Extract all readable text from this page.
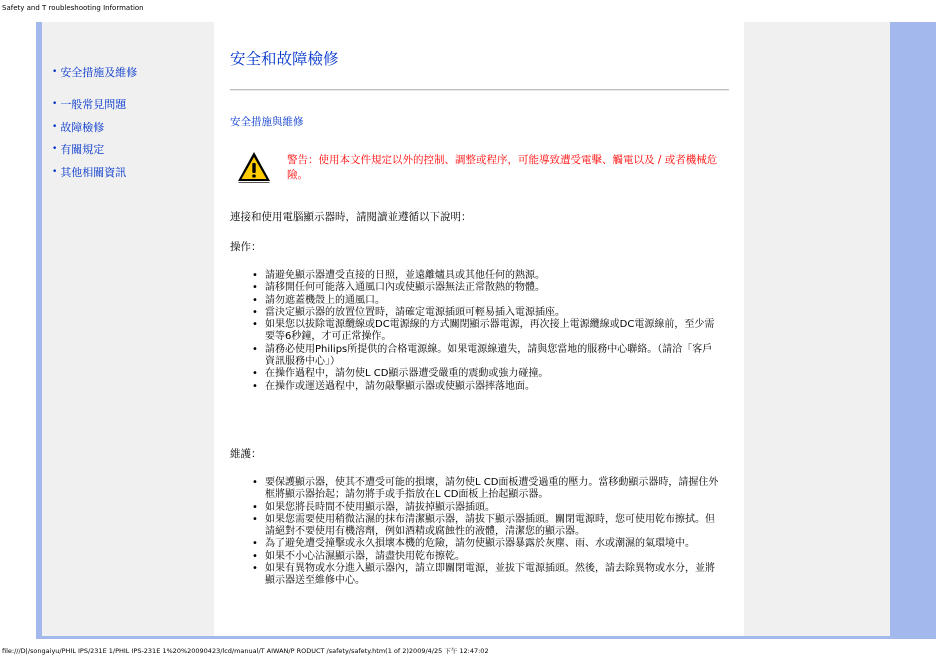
Safety and T roubleshooting Information
• 安全措施及維修
• 一般常見問題
• 故障檢修
• 有關規定
• 其他相關資訊
安全和故障檢修
安全措施與維修
警告：使用本文件規定以外的控制、調整或程序，可能導致遭受電擊、觸電以及 / 或者機械危險。
連接和使用電腦顯示器時，請閱讀並遵循以下說明：
操作：
• 請避免顯示器遭受直接的日照，並遠離爐具或其他任何的熱源。
• 請移開任何可能落入通風口內或使顯示器無法正常散熱的物體。
• 請勿遮蓋機殼上的通風口。
• 當決定顯示器的放置位置時，請確定電源插頭可輕易插入電源插座。
• 如果您以拔除電源纜線或DC電源線的方式關閉顯示器電源，再次接上電源纜線或DC電源線前，至少需要等6秒鐘，才可正常操作。
• 請務必使用Philips所提供的合格電源線。如果電源線遺失，請與您當地的服務中心聯絡。（請洽「客戶資訊服務中心」）
• 在操作過程中，請勿使L CD顯示器遭受嚴重的震動或強力碰撞。
• 在操作或運送過程中，請勿敲擊顯示器或使顯示器摔落地面。
維護：
• 要保護顯示器，使其不遭受可能的損壞，請勿使L CD面板遭受過重的壓力。當移動顯示器時，請握住外框將顯示器抬起；請勿將手或手指放在L CD面板上抬起顯示器。
• 如果您將長時間不使用顯示器，請拔掉顯示器插頭。
• 如果您需要使用稍微沾濕的抹布清潔顯示器，請拔下顯示器插頭。關閉電源時，您可使用乾布擦拭。但請絕對不要使用有機溶劑，例如酒精或腐蝕性的液體，清潔您的顯示器。
• 為了避免遭受撞擊或永久損壞本機的危險，請勿使顯示器暴露於灰塵、雨、水或潮濕的氣環境中。
• 如果不小心沾濕顯示器，請盡快用乾布擦乾。
• 如果有異物或水分進入顯示器內，請立即關閉電源，並拔下電源插頭。然後，請去除異物或水分，並將顯示器送至維修中心。
file:///D|/songaiyu/PHIL IPS/231E 1/PHIL IPS-231E 1%20%20090423/lcd/manual/T AIWAN/P RODUCT /safety/safety.htm(1 of 2)2009/4/25 下午 12:47:02
